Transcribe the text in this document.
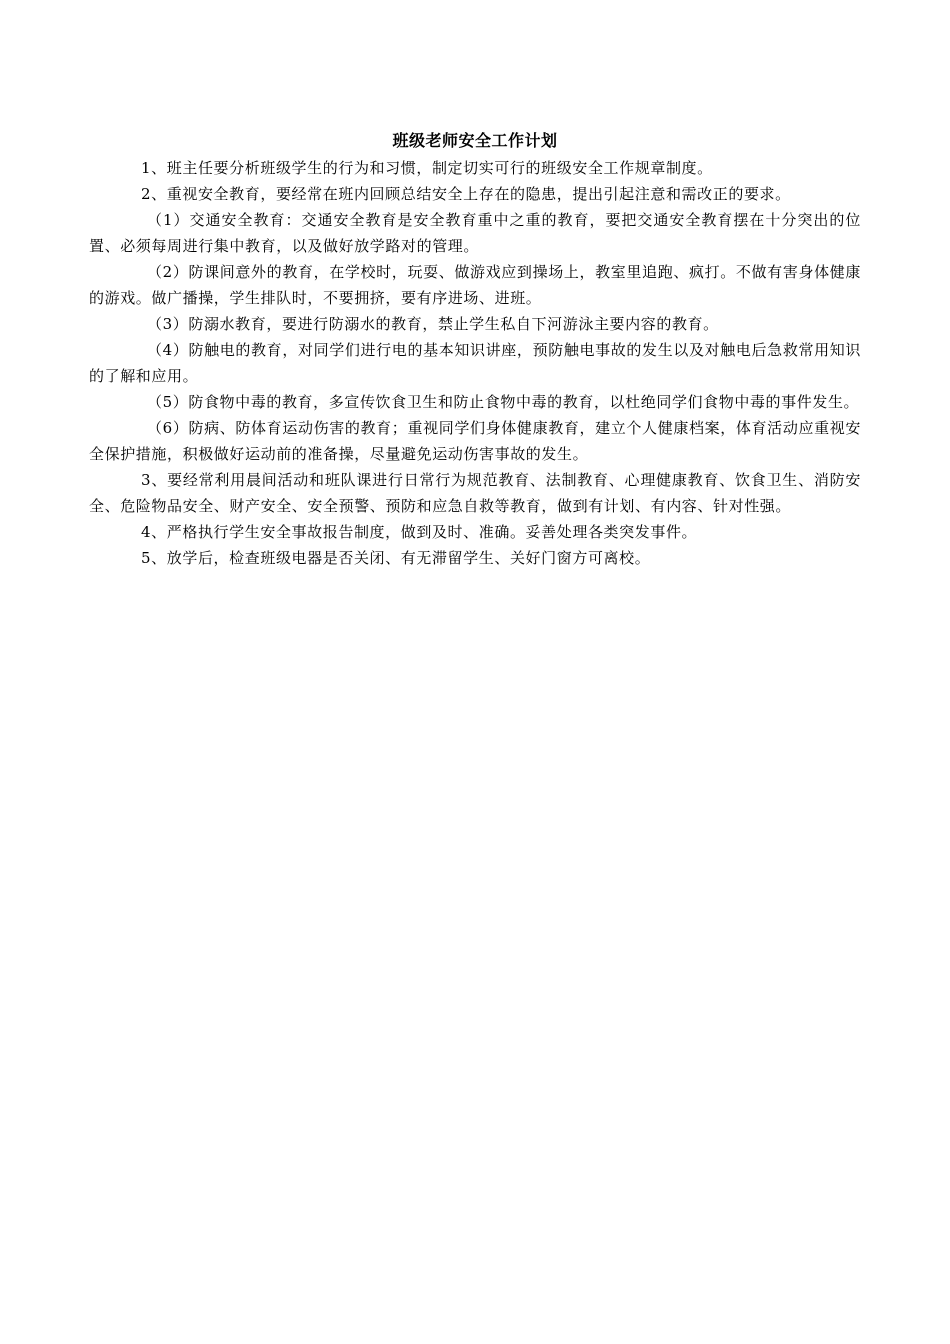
班级老师安全工作计划

1、班主任要分析班级学生的行为和习惯，制定切实可行的班级安全工作规章制度。

2、重视安全教育，要经常在班内回顾总结安全上存在的隐患，提出引起注意和需改正的要求。

（1）交通安全教育：交通安全教育是安全教育重中之重的教育，要把交通安全教育摆在十分突出的位置、必须每周进行集中教育，以及做好放学路对的管理。

（2）防课间意外的教育，在学校时，玩耍、做游戏应到操场上，教室里追跑、疯打。不做有害身体健康的游戏。做广播操，学生排队时，不要拥挤，要有序进场、进班。

（3）防溺水教育，要进行防溺水的教育，禁止学生私自下河游泳主要内容的教育。

（4）防触电的教育，对同学们进行电的基本知识讲座，预防触电事故的发生以及对触电后急救常用知识的了解和应用。

（5）防食物中毒的教育，多宣传饮食卫生和防止食物中毒的教育，以杜绝同学们食物中毒的事件发生。

（6）防病、防体育运动伤害的教育；重视同学们身体健康教育，建立个人健康档案，体育活动应重视安全保护措施，积极做好运动前的准备操，尽量避免运动伤害事故的发生。

3、要经常利用晨间活动和班队课进行日常行为规范教育、法制教育、心理健康教育、饮食卫生、消防安全、危险物品安全、财产安全、安全预警、预防和应急自救等教育，做到有计划、有内容、针对性强。

4、严格执行学生安全事故报告制度，做到及时、准确。妥善处理各类突发事件。

5、放学后，检查班级电器是否关闭、有无滞留学生、关好门窗方可离校。
